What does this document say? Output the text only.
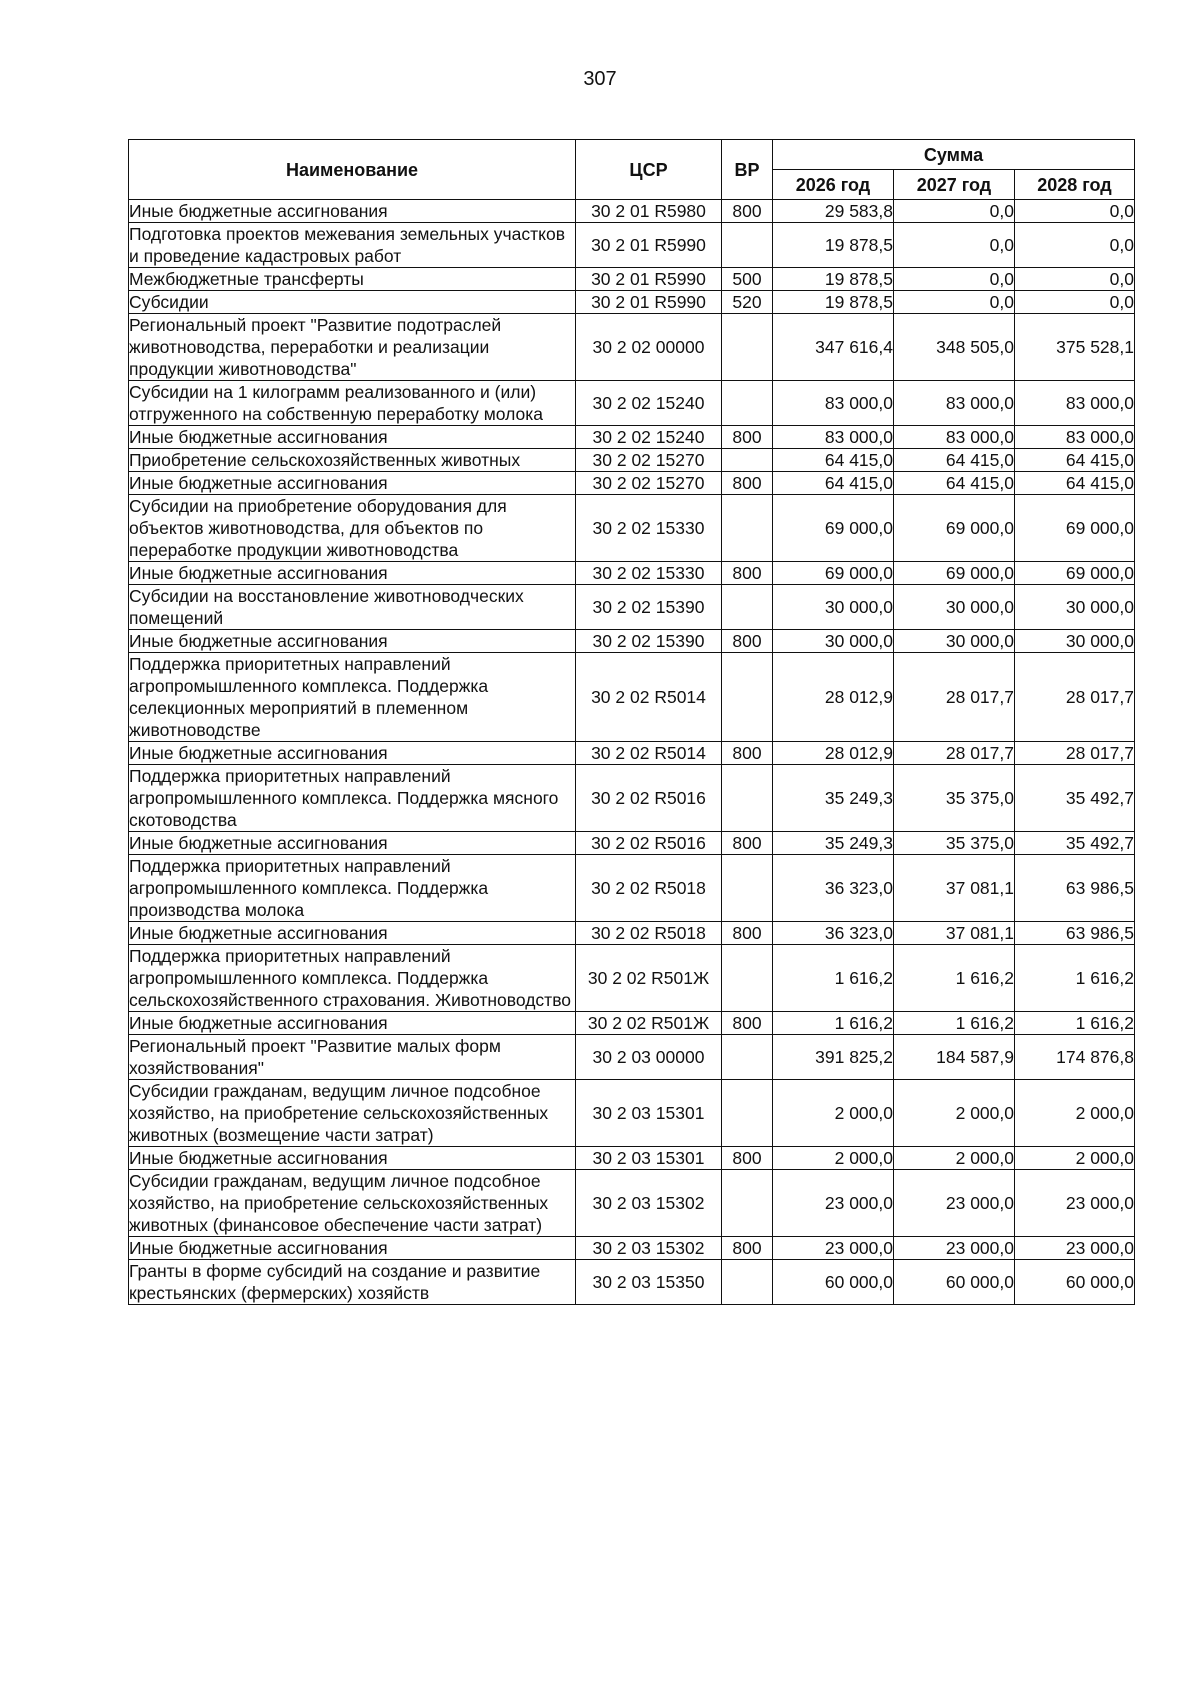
307
Наименование	ЦСР	ВР	Сумма		
			2026 год	2027 год	2028 год
Иные бюджетные ассигнования	30 2 01 R5980	800	29 583,8	0,0	0,0
Подготовка проектов межевания земельных участков и проведение кадастровых работ	30 2 01 R5990		19 878,5	0,0	0,0
Межбюджетные трансферты	30 2 01 R5990	500	19 878,5	0,0	0,0
Субсидии	30 2 01 R5990	520	19 878,5	0,0	0,0
Региональный проект "Развитие подотраслей животноводства, переработки и реализации продукции животноводства"	30 2 02 00000		347 616,4	348 505,0	375 528,1
Субсидии на 1 килограмм реализованного и (или) отгруженного на собственную переработку молока	30 2 02 15240		83 000,0	83 000,0	83 000,0
Иные бюджетные ассигнования	30 2 02 15240	800	83 000,0	83 000,0	83 000,0
Приобретение сельскохозяйственных животных	30 2 02 15270		64 415,0	64 415,0	64 415,0
Иные бюджетные ассигнования	30 2 02 15270	800	64 415,0	64 415,0	64 415,0
Субсидии на приобретение оборудования для объектов животноводства, для объектов по переработке продукции животноводства	30 2 02 15330		69 000,0	69 000,0	69 000,0
Иные бюджетные ассигнования	30 2 02 15330	800	69 000,0	69 000,0	69 000,0
Субсидии на восстановление животноводческих помещений	30 2 02 15390		30 000,0	30 000,0	30 000,0
Иные бюджетные ассигнования	30 2 02 15390	800	30 000,0	30 000,0	30 000,0
Поддержка приоритетных направлений агропромышленного комплекса. Поддержка селекционных мероприятий в племенном животноводстве	30 2 02 R5014		28 012,9	28 017,7	28 017,7
Иные бюджетные ассигнования	30 2 02 R5014	800	28 012,9	28 017,7	28 017,7
Поддержка приоритетных направлений агропромышленного комплекса. Поддержка мясного скотоводства	30 2 02 R5016		35 249,3	35 375,0	35 492,7
Иные бюджетные ассигнования	30 2 02 R5016	800	35 249,3	35 375,0	35 492,7
Поддержка приоритетных направлений агропромышленного комплекса. Поддержка производства молока	30 2 02 R5018		36 323,0	37 081,1	63 986,5
Иные бюджетные ассигнования	30 2 02 R5018	800	36 323,0	37 081,1	63 986,5
Поддержка приоритетных направлений агропромышленного комплекса. Поддержка сельскохозяйственного страхования. Животноводство	30 2 02 R501Ж		1 616,2	1 616,2	1 616,2
Иные бюджетные ассигнования	30 2 02 R501Ж	800	1 616,2	1 616,2	1 616,2
Региональный проект "Развитие малых форм хозяйствования"	30 2 03 00000		391 825,2	184 587,9	174 876,8
Субсидии гражданам, ведущим личное подсобное хозяйство, на приобретение сельскохозяйственных животных (возмещение части затрат)	30 2 03 15301		2 000,0	2 000,0	2 000,0
Иные бюджетные ассигнования	30 2 03 15301	800	2 000,0	2 000,0	2 000,0
Субсидии гражданам, ведущим личное подсобное хозяйство, на приобретение сельскохозяйственных животных (финансовое обеспечение части затрат)	30 2 03 15302		23 000,0	23 000,0	23 000,0
Иные бюджетные ассигнования	30 2 03 15302	800	23 000,0	23 000,0	23 000,0
Гранты в форме субсидий на создание и развитие крестьянских (фермерских) хозяйств	30 2 03 15350		60 000,0	60 000,0	60 000,0
